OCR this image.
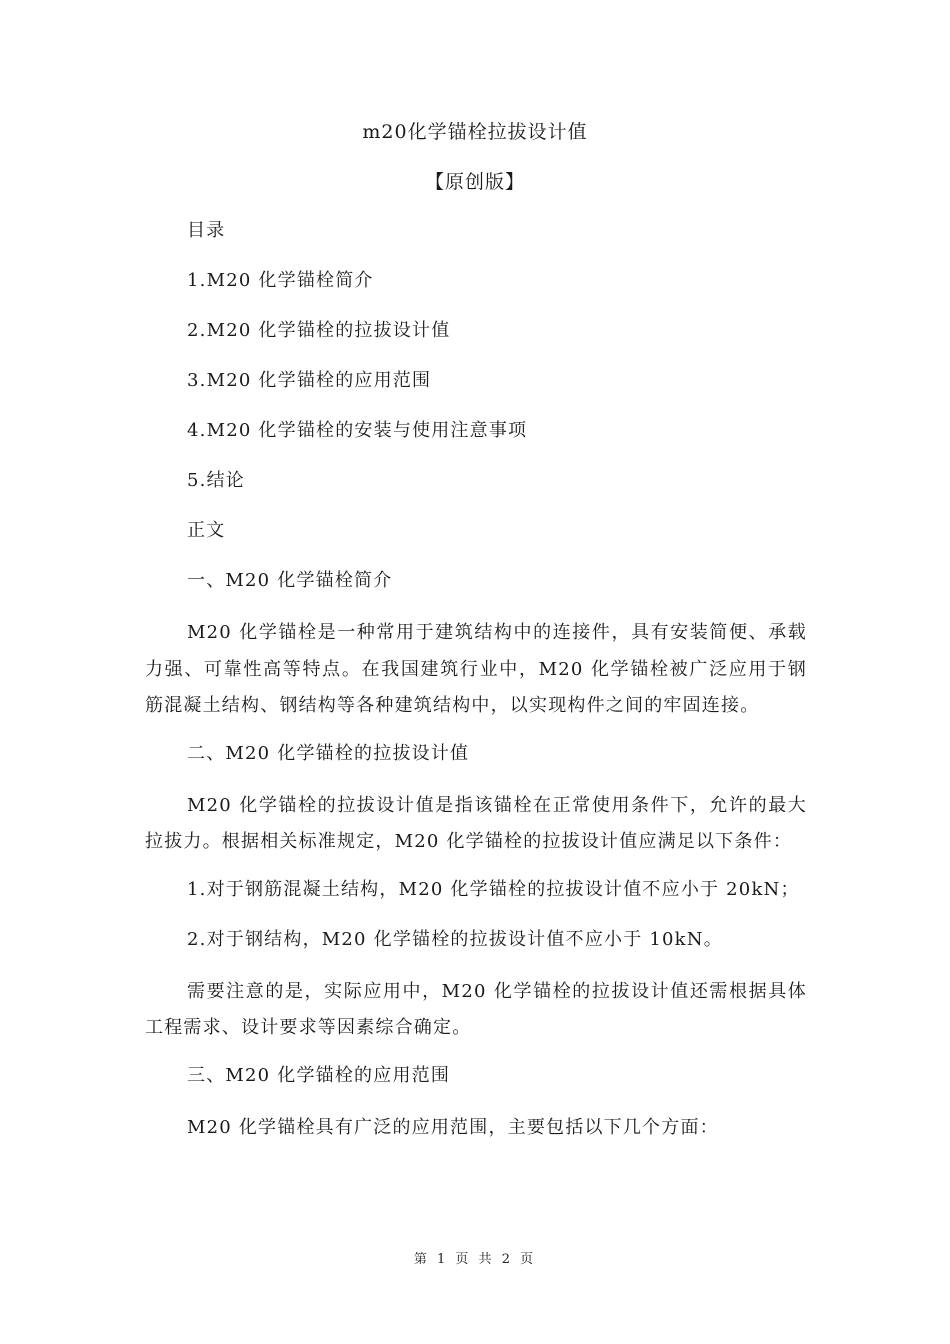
m20化学锚栓拉拔设计值
【原创版】
目录
1.M20 化学锚栓简介
2.M20 化学锚栓的拉拔设计值
3.M20 化学锚栓的应用范围
4.M20 化学锚栓的安装与使用注意事项
5.结论
正文
一、M20 化学锚栓简介

M20 化学锚栓是一种常用于建筑结构中的连接件，具有安装简便、承载力强、可靠性高等特点。在我国建筑行业中，M20 化学锚栓被广泛应用于钢筋混凝土结构、钢结构等各种建筑结构中，以实现构件之间的牢固连接。

二、M20 化学锚栓的拉拔设计值

M20 化学锚栓的拉拔设计值是指该锚栓在正常使用条件下，允许的最大拉拔力。根据相关标准规定，M20 化学锚栓的拉拔设计值应满足以下条件：

1.对于钢筋混凝土结构，M20 化学锚栓的拉拔设计值不应小于 20kN；
2.对于钢结构，M20 化学锚栓的拉拔设计值不应小于 10kN。

需要注意的是，实际应用中，M20 化学锚栓的拉拔设计值还需根据具体工程需求、设计要求等因素综合确定。

三、M20 化学锚栓的应用范围

M20 化学锚栓具有广泛的应用范围，主要包括以下几个方面：

第 1 页 共 2 页
